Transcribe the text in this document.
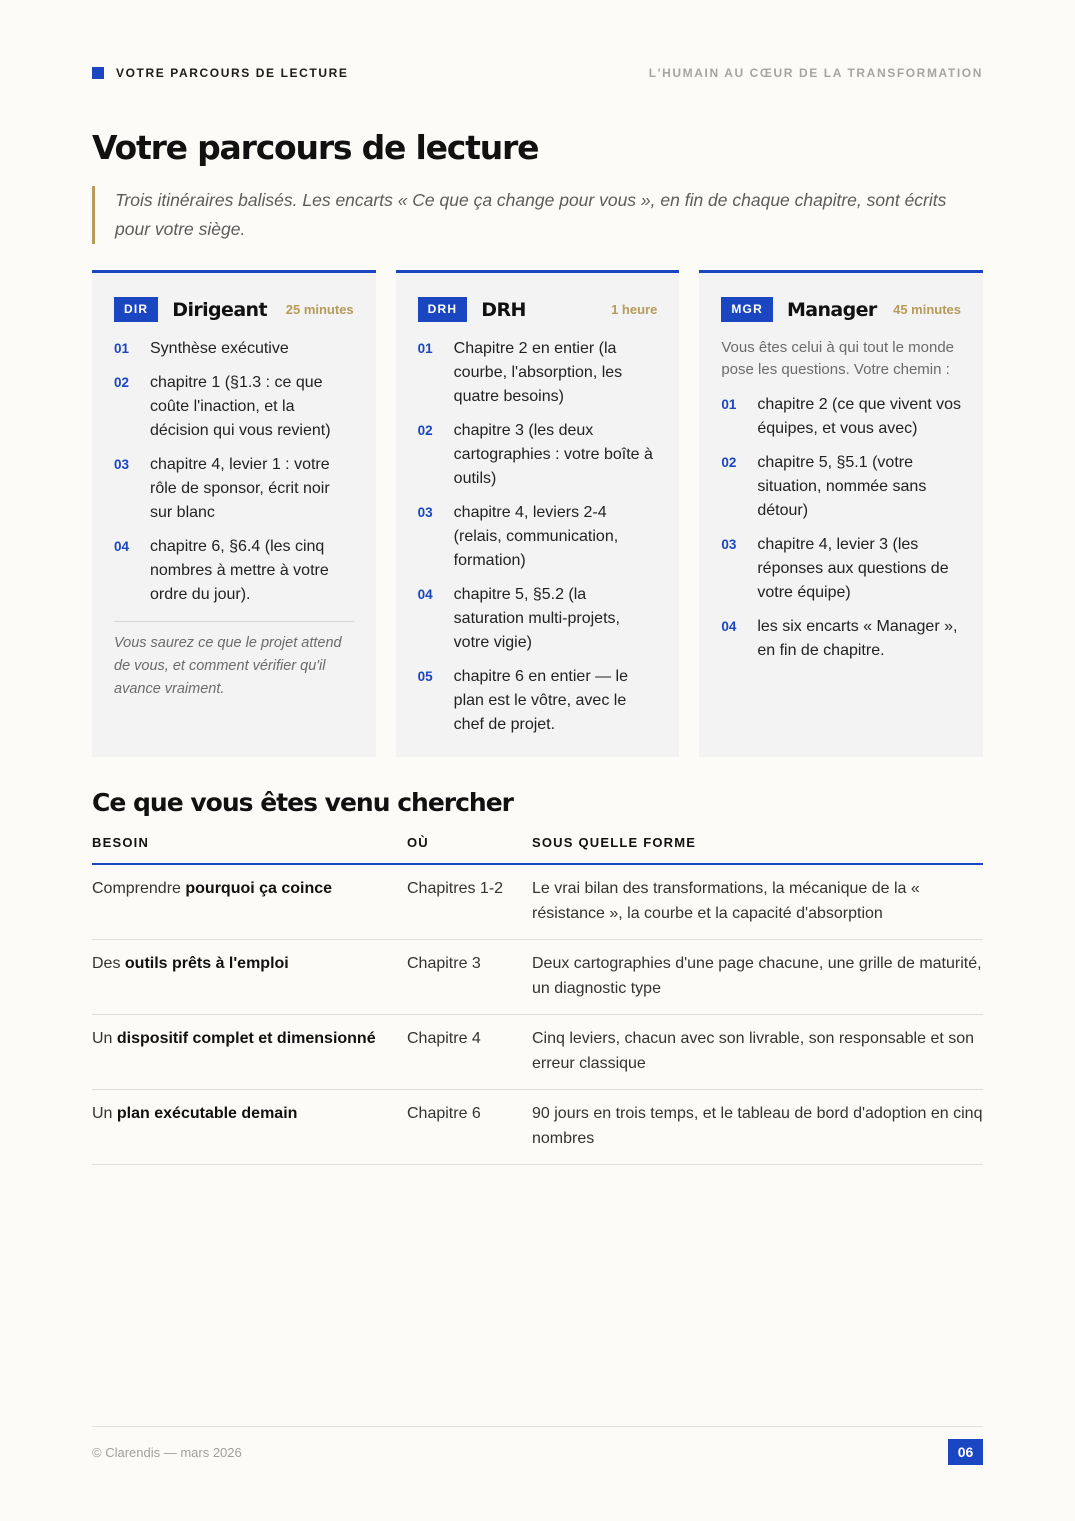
VOTRE PARCOURS DE LECTURE	L'HUMAIN AU CŒUR DE LA TRANSFORMATION
Votre parcours de lecture

Trois itinéraires balisés. Les encarts « Ce que ça change pour vous », en fin de chaque chapitre, sont écrits pour votre siège.

DIR	Dirigeant	25 minutes
01	Synthèse exécutive
02	chapitre 1 (§1.3 : ce que coûte l'inaction, et la décision qui vous revient)
03	chapitre 4, levier 1 : votre rôle de sponsor, écrit noir sur blanc
04	chapitre 6, §6.4 (les cinq nombres à mettre à votre ordre du jour).

Vous saurez ce que le projet attend de vous, et comment vérifier qu'il avance vraiment.

DRH	DRH	1 heure
01	Chapitre 2 en entier (la courbe, l'absorption, les quatre besoins)
02	chapitre 3 (les deux cartographies : votre boîte à outils)
03	chapitre 4, leviers 2-4 (relais, communication, formation)
04	chapitre 5, §5.2 (la saturation multi-projets, votre vigie)
05	chapitre 6 en entier — le plan est le vôtre, avec le chef de projet.
MGR	Manager	45 minutes

Vous êtes celui à qui tout le monde pose les questions. Votre chemin :

01	chapitre 2 (ce que vivent vos équipes, et vous avec)
02	chapitre 5, §5.1 (votre situation, nommée sans détour)
03	chapitre 4, levier 3 (les réponses aux questions de votre équipe)
04	les six encarts « Manager », en fin de chapitre.
Ce que vous êtes venu chercher
BESOIN	OÙ	SOUS QUELLE FORME
Comprendre pourquoi ça coince	Chapitres 1-2	Le vrai bilan des transformations, la mécanique de la « résistance », la courbe et la capacité d'absorption
Des outils prêts à l'emploi	Chapitre 3	Deux cartographies d'une page chacune, une grille de maturité, un diagnostic type
Un dispositif complet et dimensionné	Chapitre 4	Cinq leviers, chacun avec son livrable, son responsable et son erreur classique
Un plan exécutable demain	Chapitre 6	90 jours en trois temps, et le tableau de bord d'adoption en cinq nombres
© Clarendis — mars 2026	06
